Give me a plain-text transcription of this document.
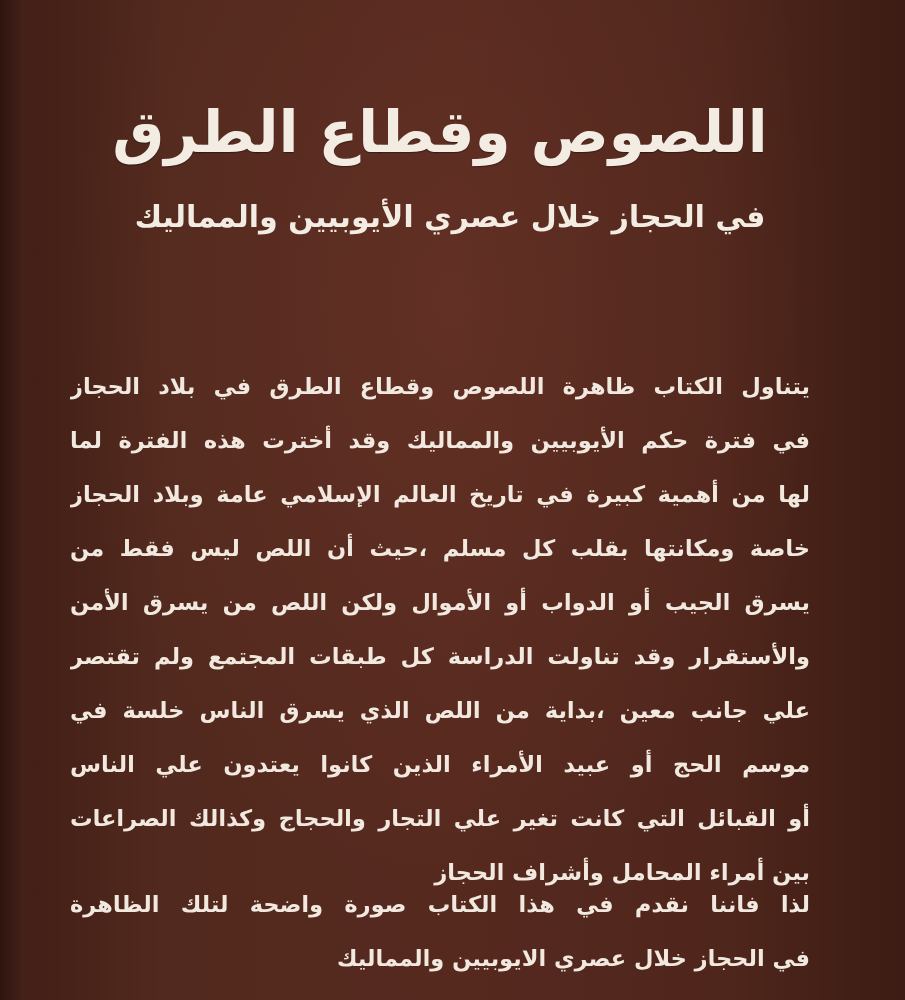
اللصوص وقطاع الطرق
في الحجاز خلال عصري الأيوبيين والمماليك
يتناول الكتاب ظاهرة اللصوص وقطاع الطرق في بلاد الحجاز
في فترة حكم الأيوبيين والمماليك وقد أخترت هذه الفترة لما
لها من أهمية كبيرة في تاريخ العالم الإسلامي عامة وبلاد الحجاز
خاصة ومكانتها بقلب كل مسلم ،حيث أن اللص ليس فقط من
يسرق الجيب أو الدواب أو الأموال ولكن اللص من يسرق الأمن
والأستقرار وقد تناولت الدراسة كل طبقات المجتمع ولم تقتصر
علي جانب معين ،بداية من اللص الذي يسرق الناس خلسة في
موسم الحج أو عبيد الأمراء الذين كانوا يعتدون علي الناس
أو القبائل التي كانت تغير علي التجار والحجاج وكذالك الصراعات
بين أمراء المحامل وأشراف الحجاز
لذا فاننا نقدم في هذا الكتاب صورة واضحة لتلك الظاهرة
في الحجاز خلال عصري الايوبيين والمماليك
